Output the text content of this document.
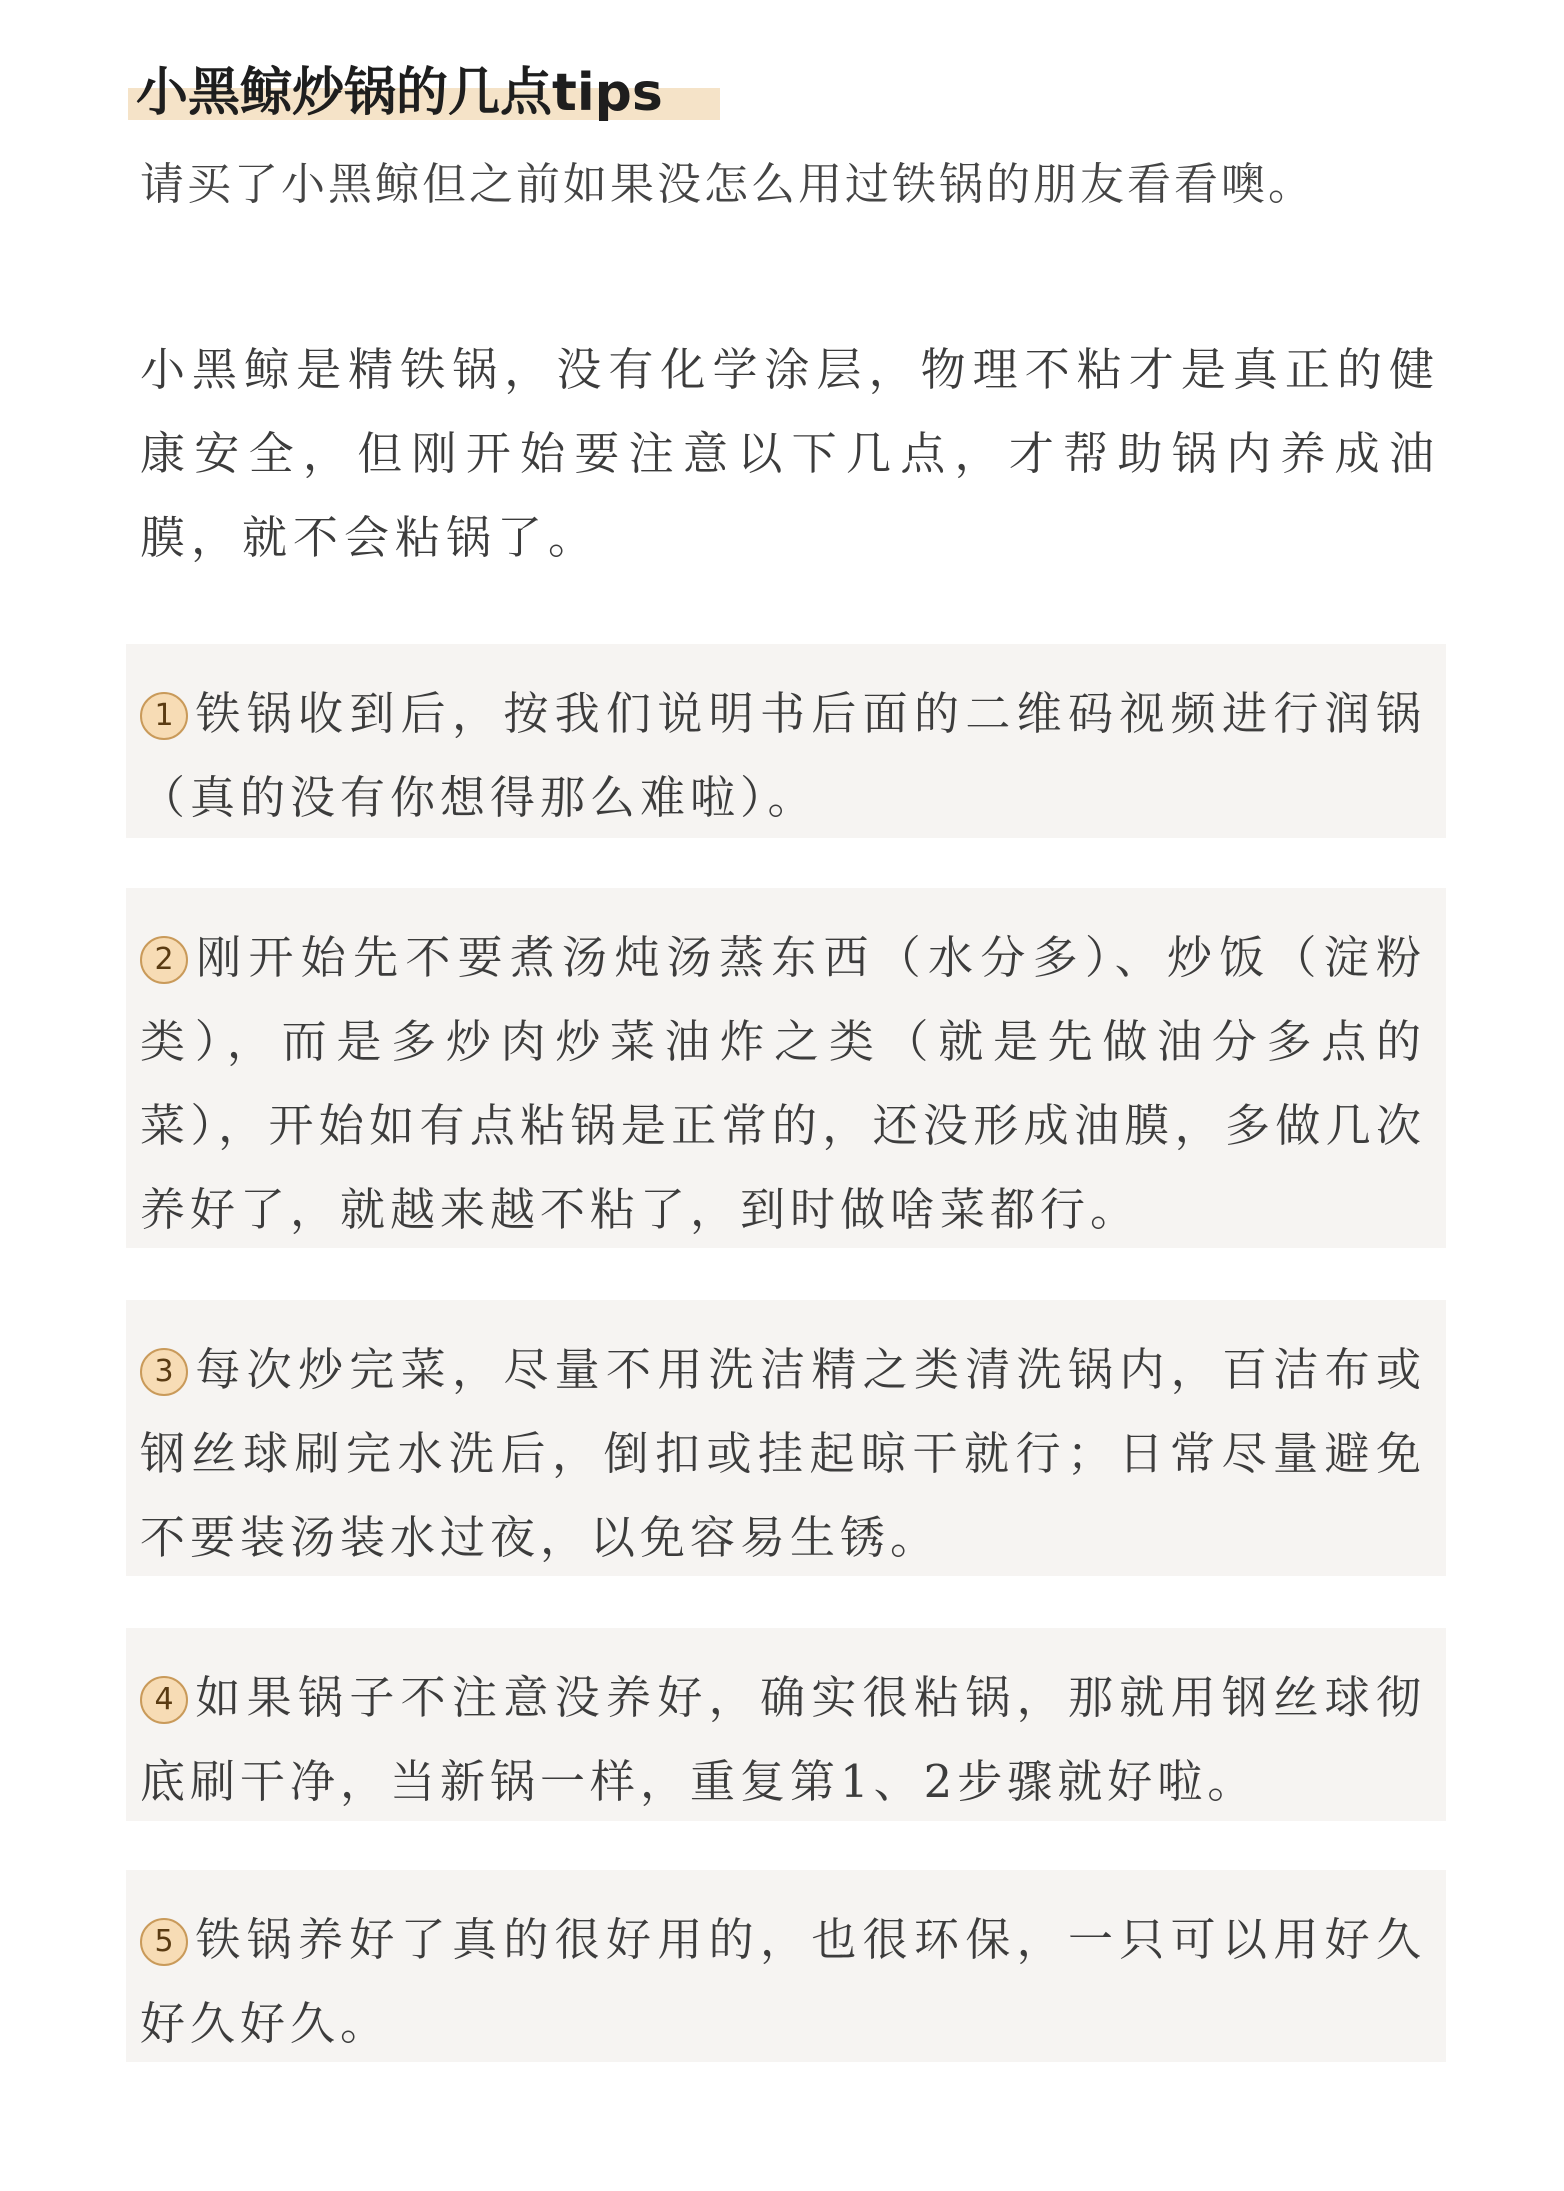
小黑鲸炒锅的几点tips

请买了小黑鲸但之前如果没怎么用过铁锅的朋友看看噢。

小黑鲸是精铁锅，没有化学涂层，物理不粘才是真正的健康安全，但刚开始要注意以下几点，才帮助锅内养成油膜，就不会粘锅了。

1 铁锅收到后，按我们说明书后面的二维码视频进行润锅（真的没有你想得那么难啦）。

2 刚开始先不要煮汤炖汤蒸东西（水分多）、炒饭（淀粉类），而是多炒肉炒菜油炸之类（就是先做油分多点的菜），开始如有点粘锅是正常的，还没形成油膜，多做几次养好了，就越来越不粘了，到时做啥菜都行。

3 每次炒完菜，尽量不用洗洁精之类清洗锅内，百洁布或钢丝球刷完水洗后，倒扣或挂起晾干就行；日常尽量避免不要装汤装水过夜，以免容易生锈。

4 如果锅子不注意没养好，确实很粘锅，那就用钢丝球彻底刷干净，当新锅一样，重复第1、2步骤就好啦。

5 铁锅养好了真的很好用的，也很环保，一只可以用好久好久好久。
